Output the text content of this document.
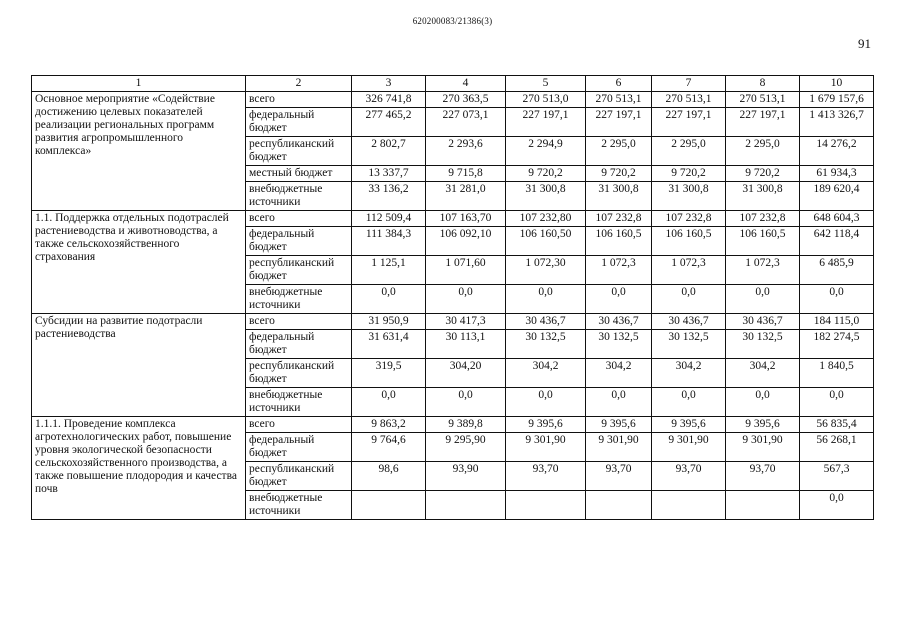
620200083/21386(3)
91
1	2	3	4	5	6	7	8	10
Основное мероприятие «Содействие достижению целевых показателей реализации региональных программ развития агропромышленного комплекса»	всего	326 741,8	270 363,5	270 513,0	270 513,1	270 513,1	270 513,1	1 679 157,6
	федеральный бюджет	277 465,2	227 073,1	227 197,1	227 197,1	227 197,1	227 197,1	1 413 326,7
	республиканский бюджет	2 802,7	2 293,6	2 294,9	2 295,0	2 295,0	2 295,0	14 276,2
	местный бюджет	13 337,7	9 715,8	9 720,2	9 720,2	9 720,2	9 720,2	61 934,3
	внебюджетные источники	33 136,2	31 281,0	31 300,8	31 300,8	31 300,8	31 300,8	189 620,4
1.1. Поддержка отдельных подотраслей растениеводства и животноводства, а также сельскохозяйственного страхования	всего	112 509,4	107 163,70	107 232,80	107 232,8	107 232,8	107 232,8	648 604,3
	федеральный бюджет	111 384,3	106 092,10	106 160,50	106 160,5	106 160,5	106 160,5	642 118,4
	республиканский бюджет	1 125,1	1 071,60	1 072,30	1 072,3	1 072,3	1 072,3	6 485,9
	внебюджетные источники	0,0	0,0	0,0	0,0	0,0	0,0	0,0
Субсидии на развитие подотрасли растениеводства	всего	31 950,9	30 417,3	30 436,7	30 436,7	30 436,7	30 436,7	184 115,0
	федеральный бюджет	31 631,4	30 113,1	30 132,5	30 132,5	30 132,5	30 132,5	182 274,5
	республиканский бюджет	319,5	304,20	304,2	304,2	304,2	304,2	1 840,5
	внебюджетные источники	0,0	0,0	0,0	0,0	0,0	0,0	0,0
1.1.1. Проведение комплекса агротехнологических работ, повышение уровня экологической безопасности сельскохозяйственного производства, а также повышение плодородия и качества почв	всего	9 863,2	9 389,8	9 395,6	9 395,6	9 395,6	9 395,6	56 835,4
	федеральный бюджет	9 764,6	9 295,90	9 301,90	9 301,90	9 301,90	9 301,90	56 268,1
	республиканский бюджет	98,6	93,90	93,70	93,70	93,70	93,70	567,3
	внебюджетные источники							0,0
